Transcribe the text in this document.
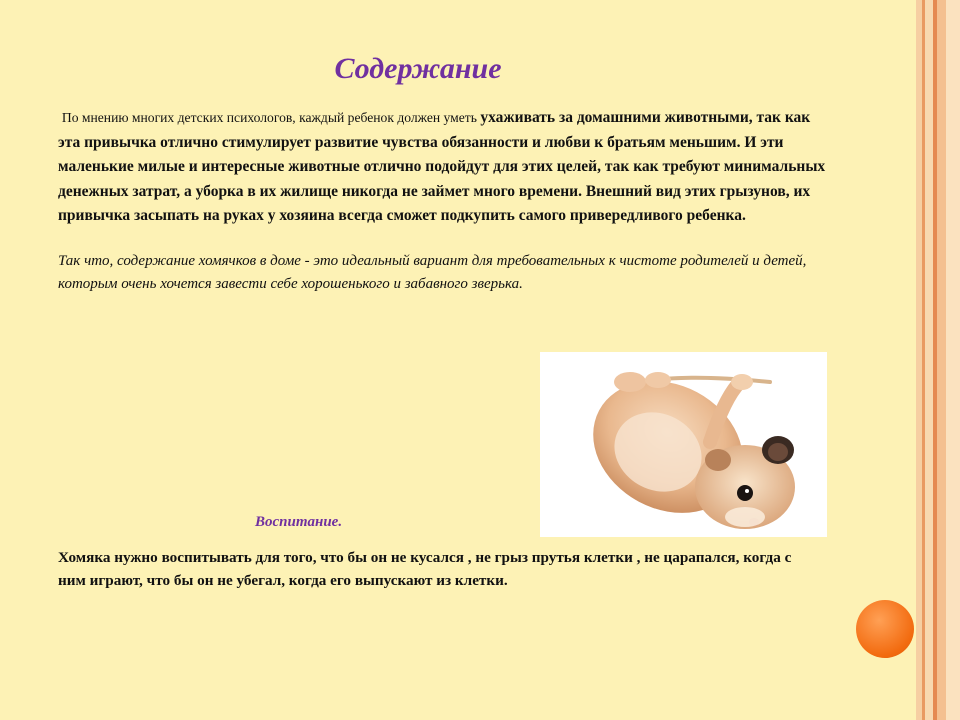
Содержание

По мнению многих детских психологов, каждый ребенок должен уметь ухаживать за домашними животными, так как эта привычка отлично стимулирует развитие чувства обязанности и любви к братьям меньшим. И эти маленькие милые и интересные животные отлично подойдут для этих целей, так как требуют минимальных денежных затрат, а уборка в их жилище никогда не займет много времени. Внешний вид этих грызунов, их привычка засыпать на руках у хозяина всегда сможет подкупить самого привередливого ребенка.

Так что, содержание хомячков в доме - это идеальный вариант для требовательных к чистоте родителей и детей, которым очень хочется завести себе хорошенького и забавного зверька.

Воспитание.

Хомяка нужно воспитывать для того, что бы он не кусался , не грыз прутья клетки , не царапался, когда с ним играют, что бы он не убегал, когда его выпускают из клетки.
